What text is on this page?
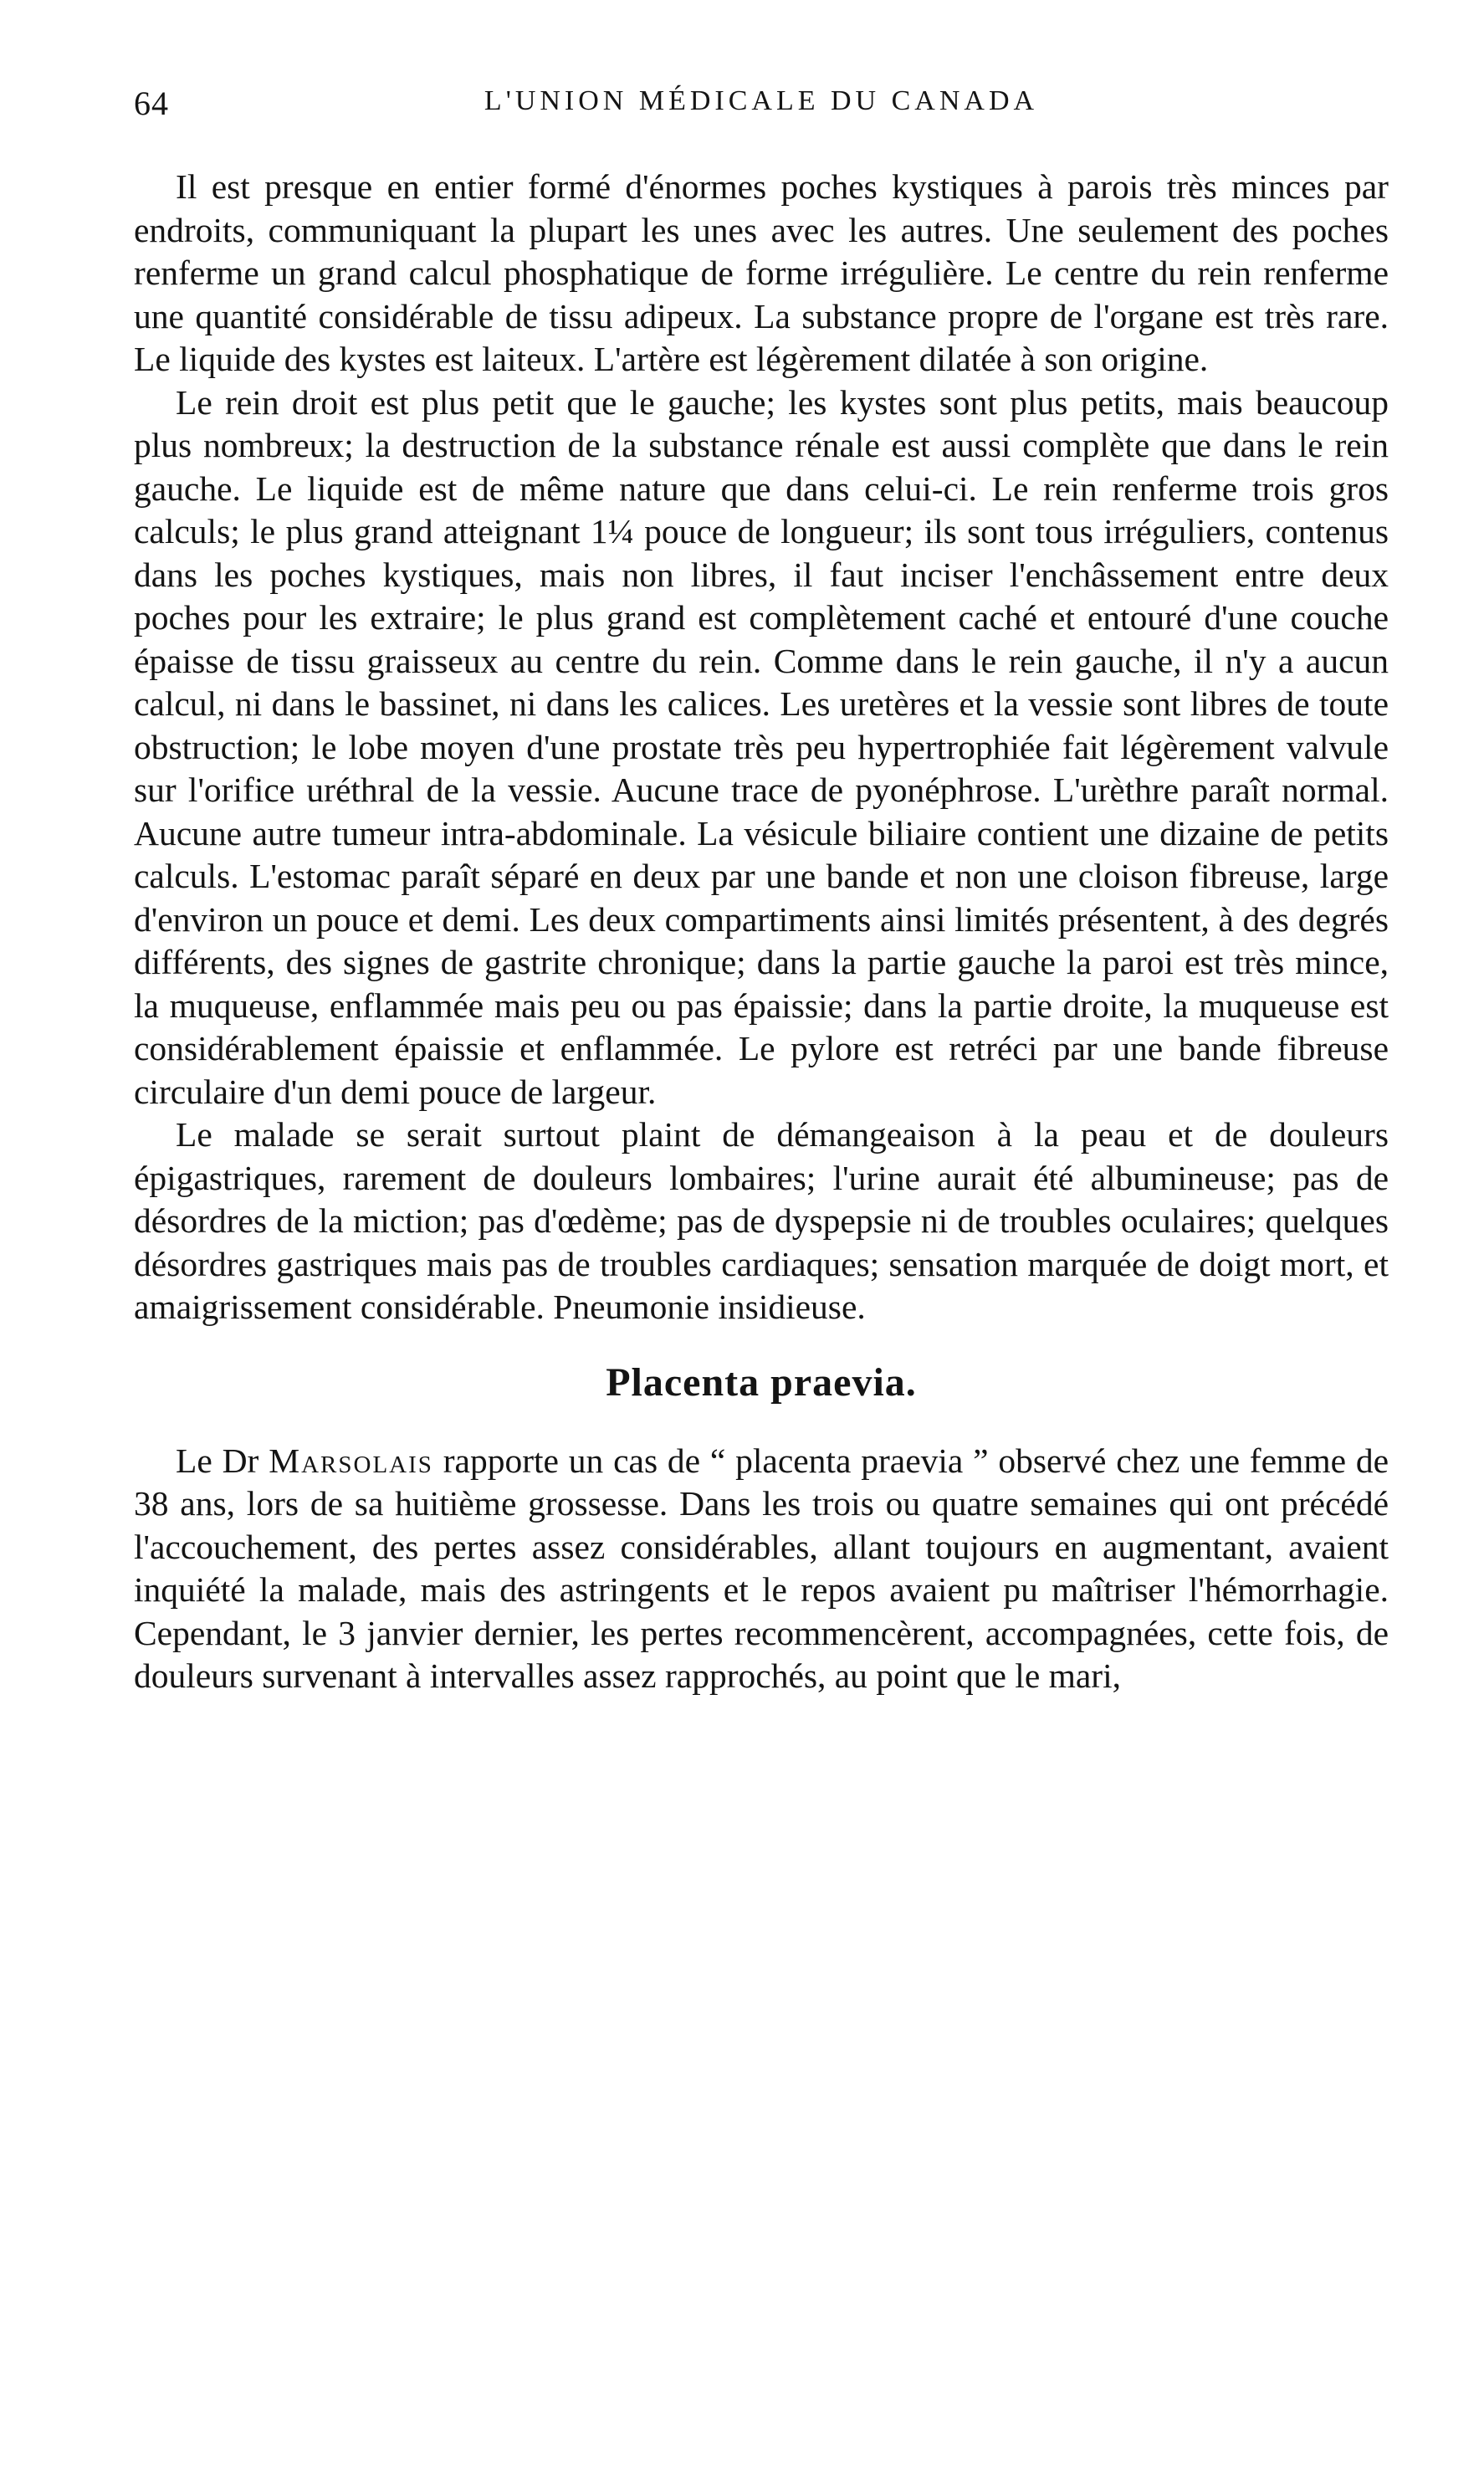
64	L'UNION MÉDICALE DU CANADA

Il est presque en entier formé d'énormes poches kystiques à parois très minces par endroits, communiquant la plupart les unes avec les autres. Une seulement des poches renferme un grand calcul phosphatique de forme irrégulière. Le centre du rein renferme une quantité considérable de tissu adipeux. La substance propre de l'organe est très rare. Le liquide des kystes est laiteux. L'artère est légèrement dilatée à son origine.

Le rein droit est plus petit que le gauche; les kystes sont plus petits, mais beaucoup plus nombreux; la destruction de la substance rénale est aussi complète que dans le rein gauche. Le liquide est de même nature que dans celui-ci. Le rein renferme trois gros calculs; le plus grand atteignant 1¼ pouce de longueur; ils sont tous irréguliers, contenus dans les poches kystiques, mais non libres, il faut inciser l'enchâssement entre deux poches pour les extraire; le plus grand est complètement caché et entouré d'une couche épaisse de tissu graisseux au centre du rein. Comme dans le rein gauche, il n'y a aucun calcul, ni dans le bassinet, ni dans les calices. Les uretères et la vessie sont libres de toute obstruction; le lobe moyen d'une prostate très peu hypertrophiée fait légèrement valvule sur l'orifice uréthral de la vessie. Aucune trace de pyonéphrose. L'urèthre paraît normal. Aucune autre tumeur intra-abdominale. La vésicule biliaire contient une dizaine de petits calculs. L'estomac paraît séparé en deux par une bande et non une cloison fibreuse, large d'environ un pouce et demi. Les deux compartiments ainsi limités présentent, à des degrés différents, des signes de gastrite chronique; dans la partie gauche la paroi est très mince, la muqueuse, enflammée mais peu ou pas épaissie; dans la partie droite, la muqueuse est considérablement épaissie et enflammée. Le pylore est retréci par une bande fibreuse circulaire d'un demi pouce de largeur.

Le malade se serait surtout plaint de démangeaison à la peau et de douleurs épigastriques, rarement de douleurs lombaires; l'urine aurait été albumineuse; pas de désordres de la miction; pas d'œdème; pas de dyspepsie ni de troubles oculaires; quelques désordres gastriques mais pas de troubles cardiaques; sensation marquée de doigt mort, et amaigrissement considérable. Pneumonie insidieuse.

Placenta praevia.

Le Dr Marsolais rapporte un cas de “ placenta praevia ” observé chez une femme de 38 ans, lors de sa huitième grossesse. Dans les trois ou quatre semaines qui ont précédé l'accouchement, des pertes assez considérables, allant toujours en augmentant, avaient inquiété la malade, mais des astringents et le repos avaient pu maîtriser l'hémorrhagie. Cependant, le 3 janvier dernier, les pertes recommencèrent, accompagnées, cette fois, de douleurs survenant à intervalles assez rapprochés, au point que le mari,
